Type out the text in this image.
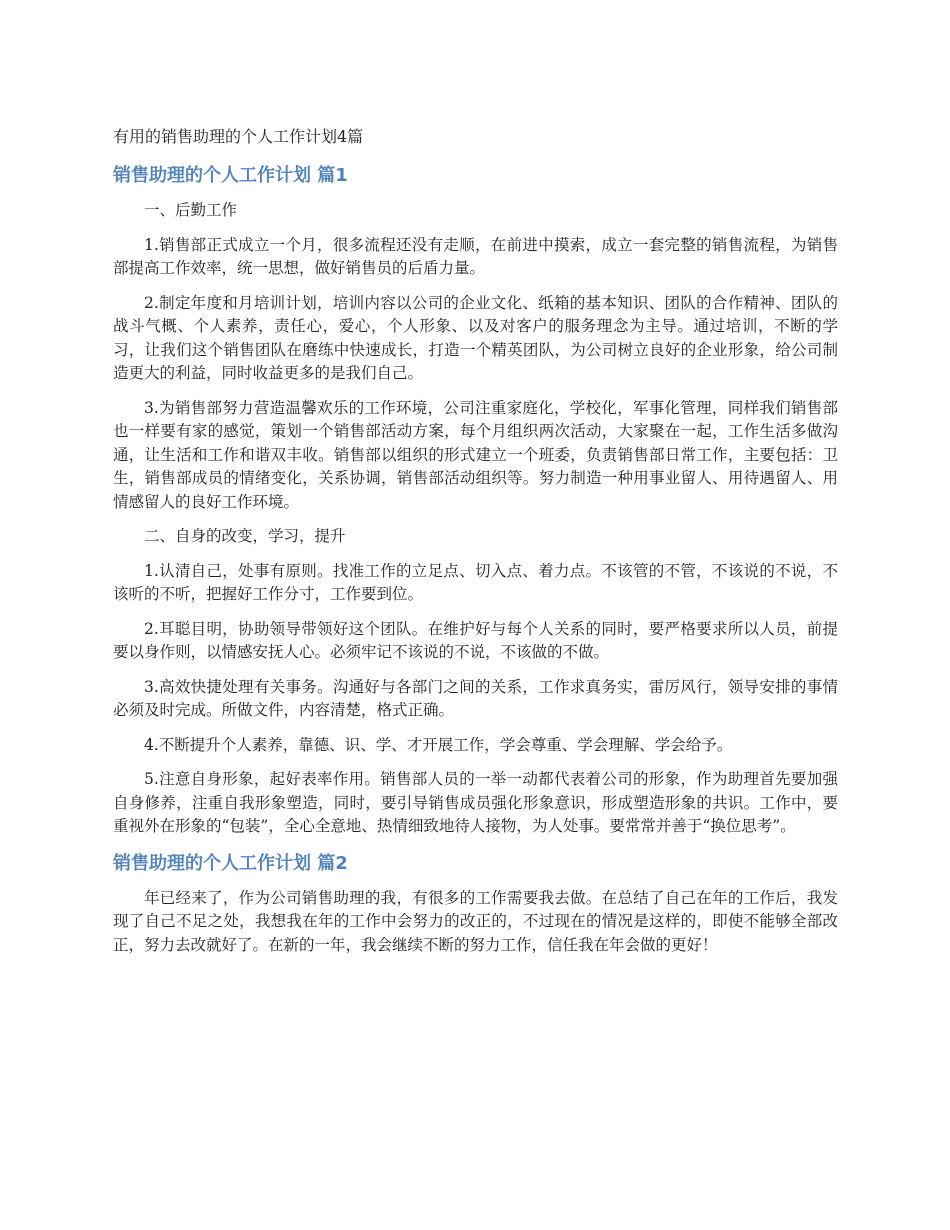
有用的销售助理的个人工作计划4篇
销售助理的个人工作计划 篇1

一、后勤工作

1.销售部正式成立一个月，很多流程还没有走顺，在前进中摸索，成立一套完整的销售流程，为销售部提高工作效率，统一思想，做好销售员的后盾力量。

2.制定年度和月培训计划，培训内容以公司的企业文化、纸箱的基本知识、团队的合作精神、团队的战斗气概、个人素养，责任心，爱心，个人形象、以及对客户的服务理念为主导。通过培训，不断的学习，让我们这个销售团队在磨练中快速成长，打造一个精英团队，为公司树立良好的企业形象，给公司制造更大的利益，同时收益更多的是我们自己。

3.为销售部努力营造温馨欢乐的工作环境，公司注重家庭化，学校化，军事化管理，同样我们销售部也一样要有家的感觉，策划一个销售部活动方案，每个月组织两次活动，大家聚在一起，工作生活多做沟通，让生活和工作和谐双丰收。销售部以组织的形式建立一个班委，负责销售部日常工作，主要包括：卫生，销售部成员的情绪变化，关系协调，销售部活动组织等。努力制造一种用事业留人、用待遇留人、用情感留人的良好工作环境。

二、自身的改变，学习，提升

1.认清自己，处事有原则。找准工作的立足点、切入点、着力点。不该管的不管，不该说的不说，不该听的不听，把握好工作分寸，工作要到位。

2.耳聪目明，协助领导带领好这个团队。在维护好与每个人关系的同时，要严格要求所以人员，前提要以身作则，以情感安抚人心。必须牢记不该说的不说，不该做的不做。

3.高效快捷处理有关事务。沟通好与各部门之间的关系，工作求真务实，雷厉风行，领导安排的事情必须及时完成。所做文件，内容清楚，格式正确。

4.不断提升个人素养，靠德、识、学、才开展工作，学会尊重、学会理解、学会给予。

5.注意自身形象，起好表率作用。销售部人员的一举一动都代表着公司的形象，作为助理首先要加强自身修养，注重自我形象塑造，同时，要引导销售成员强化形象意识，形成塑造形象的共识。工作中，要重视外在形象的“包装”，全心全意地、热情细致地待人接物，为人处事。要常常并善于“换位思考”。

销售助理的个人工作计划 篇2

年已经来了，作为公司销售助理的我，有很多的工作需要我去做。在总结了自己在年的工作后，我发现了自己不足之处，我想我在年的工作中会努力的改正的，不过现在的情况是这样的，即使不能够全部改正，努力去改就好了。在新的一年，我会继续不断的努力工作，信任我在年会做的更好！
